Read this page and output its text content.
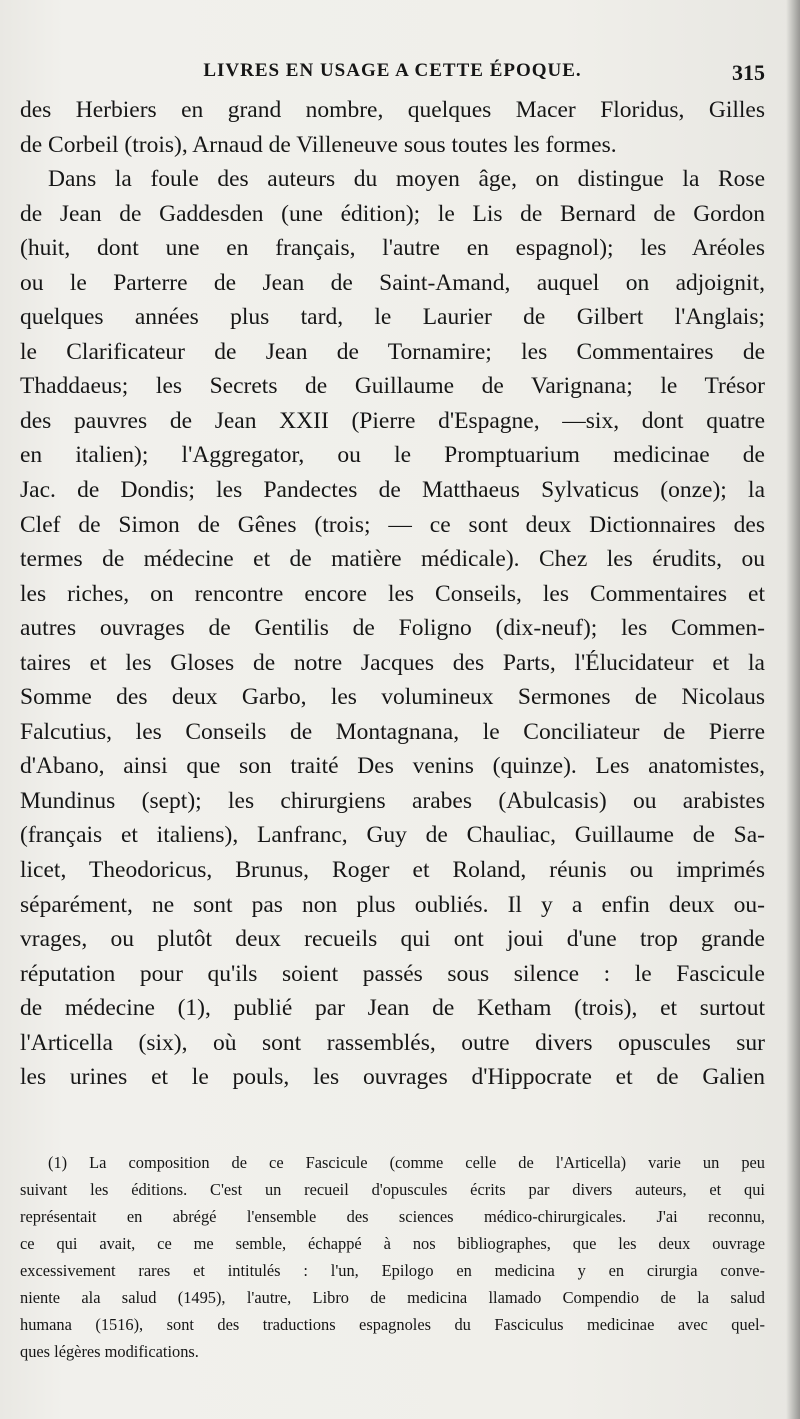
LIVRES EN USAGE A CETTE ÉPOQUE.	315
des Herbiers en grand nombre, quelques Macer Floridus, Gilles
de Corbeil (trois), Arnaud de Villeneuve sous toutes les formes.
Dans la foule des auteurs du moyen âge, on distingue la Rose
de Jean de Gaddesden (une édition); le Lis de Bernard de Gordon
(huit, dont une en français, l'autre en espagnol); les Aréoles
ou le Parterre de Jean de Saint-Amand, auquel on adjoignit,
quelques années plus tard, le Laurier de Gilbert l'Anglais;
le Clarificateur de Jean de Tornamire; les Commentaires de
Thaddaeus; les Secrets de Guillaume de Varignana; le Trésor
des pauvres de Jean XXII (Pierre d'Espagne, —six, dont quatre
en italien); l'Aggregator, ou le Promptuarium medicinae de
Jac. de Dondis; les Pandectes de Matthaeus Sylvaticus (onze); la
Clef de Simon de Gênes (trois; — ce sont deux Dictionnaires des
termes de médecine et de matière médicale). Chez les érudits, ou
les riches, on rencontre encore les Conseils, les Commentaires et
autres ouvrages de Gentilis de Foligno (dix-neuf); les Commen-
taires et les Gloses de notre Jacques des Parts, l'Élucidateur et la
Somme des deux Garbo, les volumineux Sermones de Nicolaus
Falcutius, les Conseils de Montagnana, le Conciliateur de Pierre
d'Abano, ainsi que son traité Des venins (quinze). Les anatomistes,
Mundinus (sept); les chirurgiens arabes (Abulcasis) ou arabistes
(français et italiens), Lanfranc, Guy de Chauliac, Guillaume de Sa-
licet, Theodoricus, Brunus, Roger et Roland, réunis ou imprimés
séparément, ne sont pas non plus oubliés. Il y a enfin deux ou-
vrages, ou plutôt deux recueils qui ont joui d'une trop grande
réputation pour qu'ils soient passés sous silence : le Fascicule
de médecine (1), publié par Jean de Ketham (trois), et surtout
l'Articella (six), où sont rassemblés, outre divers opuscules sur
les urines et le pouls, les ouvrages d'Hippocrate et de Galien
(1) La composition de ce Fascicule (comme celle de l'Articella) varie un peu
suivant les éditions. C'est un recueil d'opuscules écrits par divers auteurs, et qui
représentait en abrégé l'ensemble des sciences médico-chirurgicales. J'ai reconnu,
ce qui avait, ce me semble, échappé à nos bibliographes, que les deux ouvrage
excessivement rares et intitulés : l'un, Epilogo en medicina y en cirurgia conve-
niente ala salud (1495), l'autre, Libro de medicina llamado Compendio de la salud
humana (1516), sont des traductions espagnoles du Fasciculus medicinae avec quel-
ques légères modifications.
